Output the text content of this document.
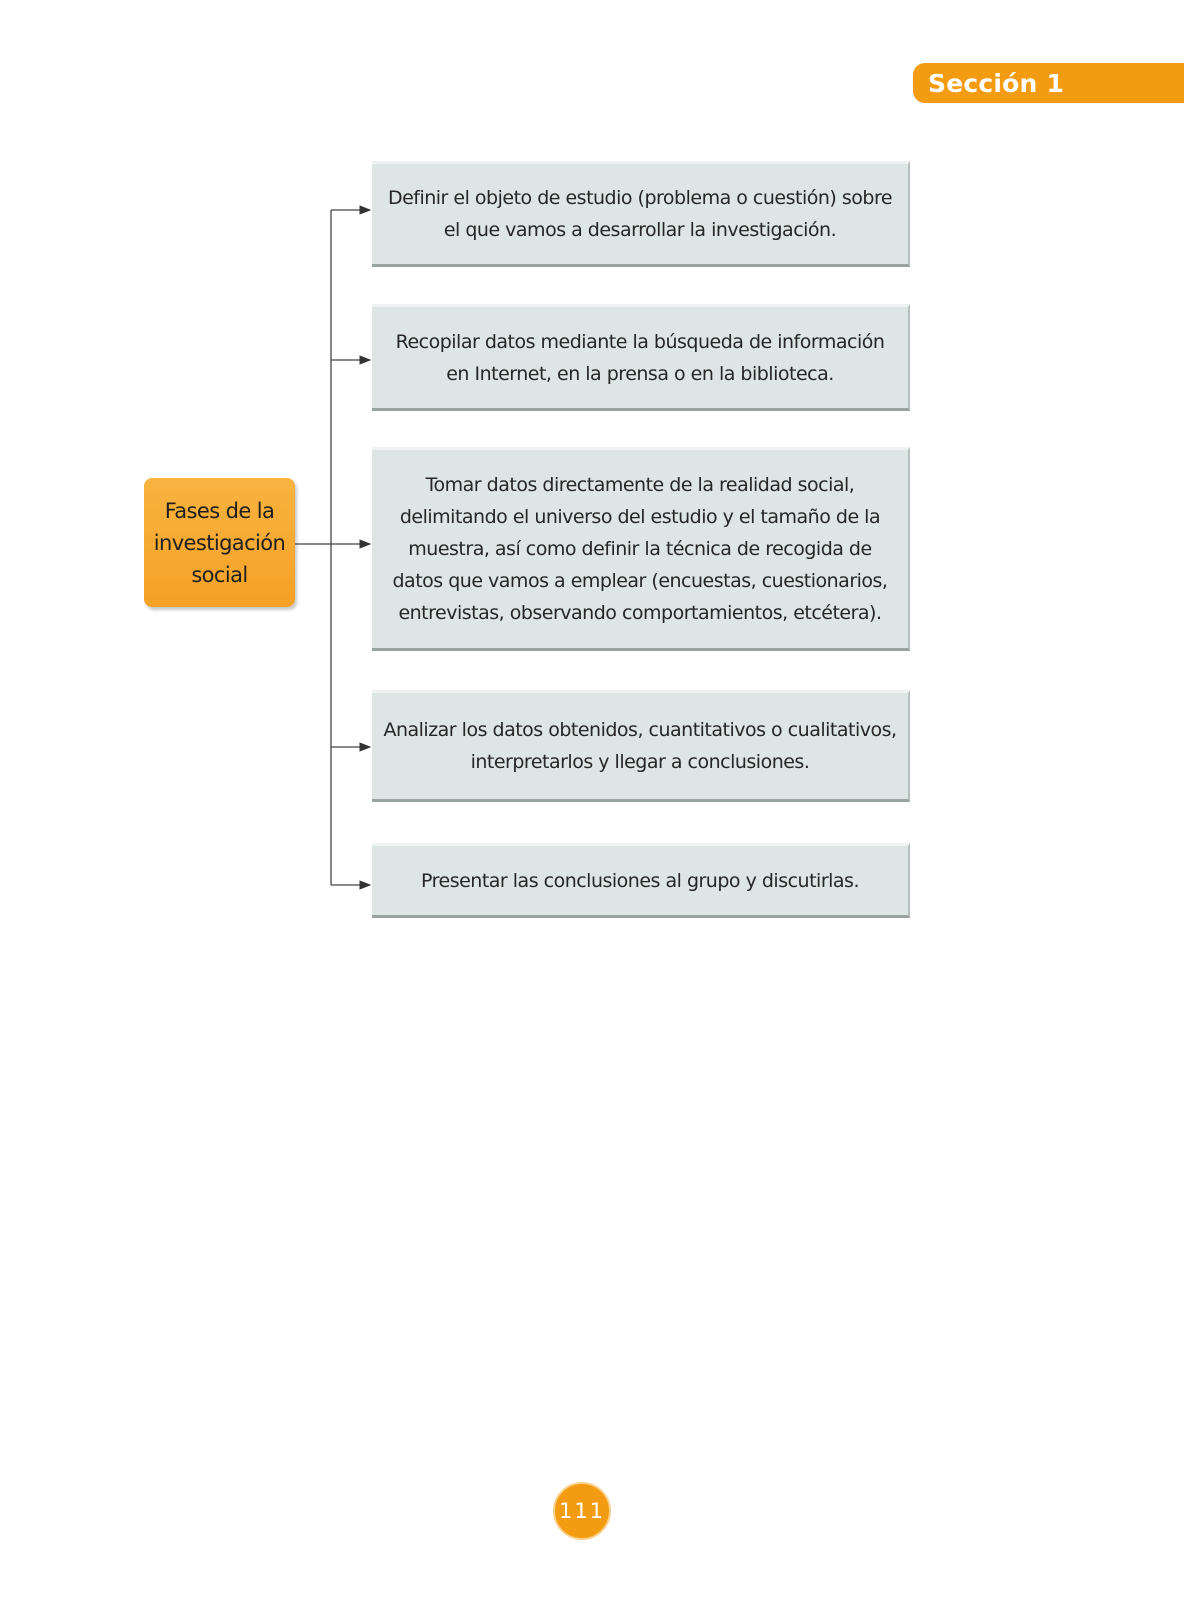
Sección 1
Fases de la
investigación
social
Definir el objeto de estudio (problema o cuestión) sobre
el que vamos a desarrollar la investigación.
Recopilar datos mediante la búsqueda de información
en Internet, en la prensa o en la biblioteca.
Tomar datos directamente de la realidad social,
delimitando el universo del estudio y el tamaño de la
muestra, así como definir la técnica de recogida de
datos que vamos a emplear (encuestas, cuestionarios,
entrevistas, observando comportamientos, etcétera).
Analizar los datos obtenidos, cuantitativos o cualitativos,
interpretarlos y llegar a conclusiones.
Presentar las conclusiones al grupo y discutirlas.
111
